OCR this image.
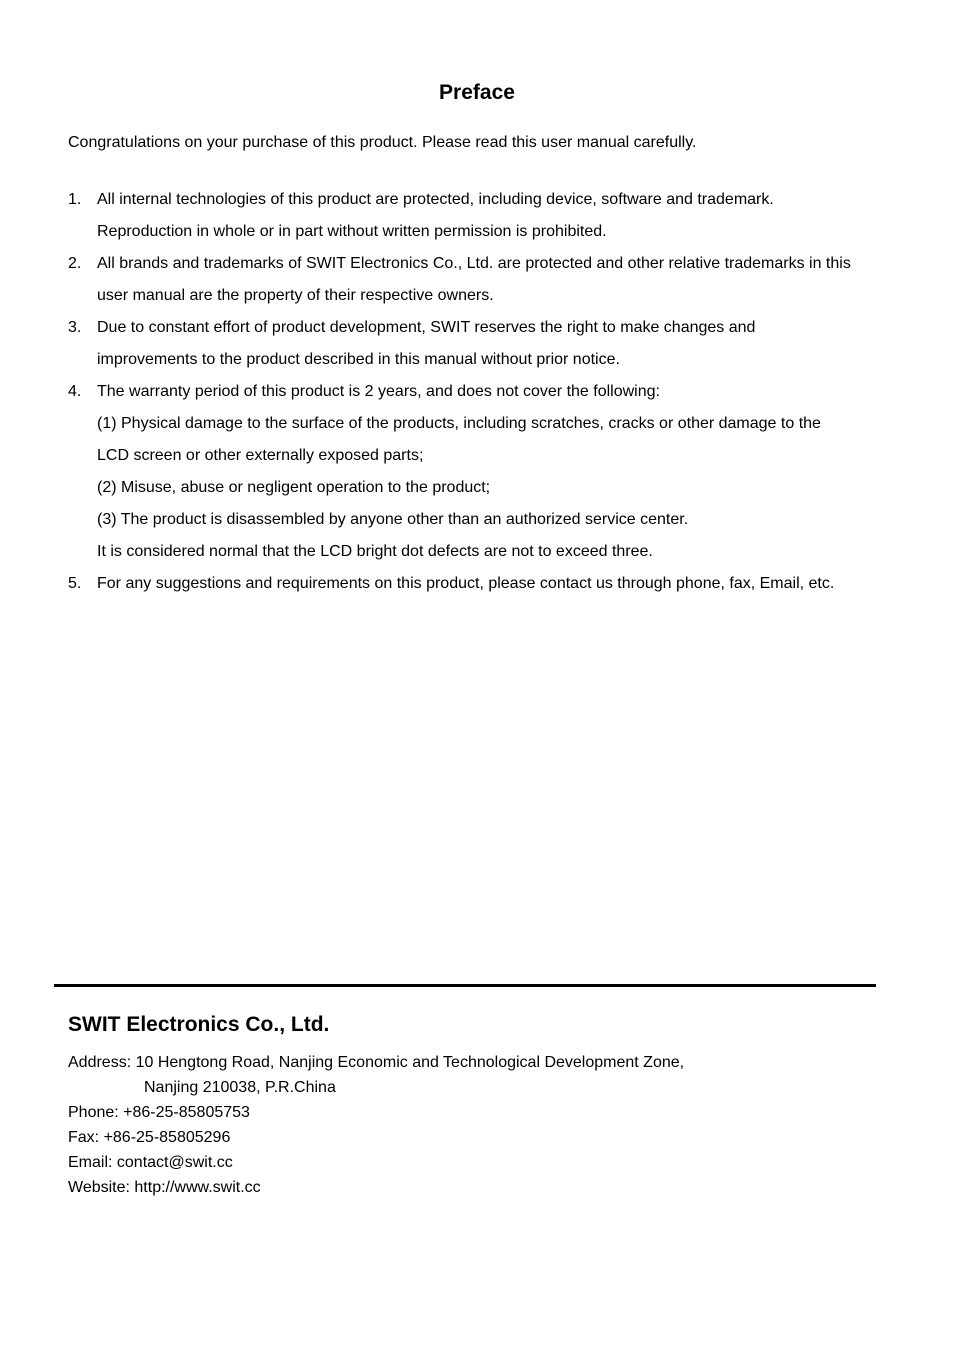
Preface
Congratulations on your purchase of this product. Please read this user manual carefully.
1. All internal technologies of this product are protected, including device, software and trademark.
Reproduction in whole or in part without written permission is prohibited.
2. All brands and trademarks of SWIT Electronics Co., Ltd. are protected and other relative trademarks in this
user manual are the property of their respective owners.
3. Due to constant effort of product development, SWIT reserves the right to make changes and
improvements to the product described in this manual without prior notice.
4. The warranty period of this product is 2 years, and does not cover the following:
(1) Physical damage to the surface of the products, including scratches, cracks or other damage to the
LCD screen or other externally exposed parts;
(2) Misuse, abuse or negligent operation to the product;
(3) The product is disassembled by anyone other than an authorized service center.
It is considered normal that the LCD bright dot defects are not to exceed three.
5. For any suggestions and requirements on this product, please contact us through phone, fax, Email, etc.
SWIT Electronics Co., Ltd.
Address: 10 Hengtong Road, Nanjing Economic and Technological Development Zone,
Nanjing 210038, P.R.China
Phone: +86-25-85805753
Fax: +86-25-85805296
Email: contact@swit.cc
Website: http://www.swit.cc
